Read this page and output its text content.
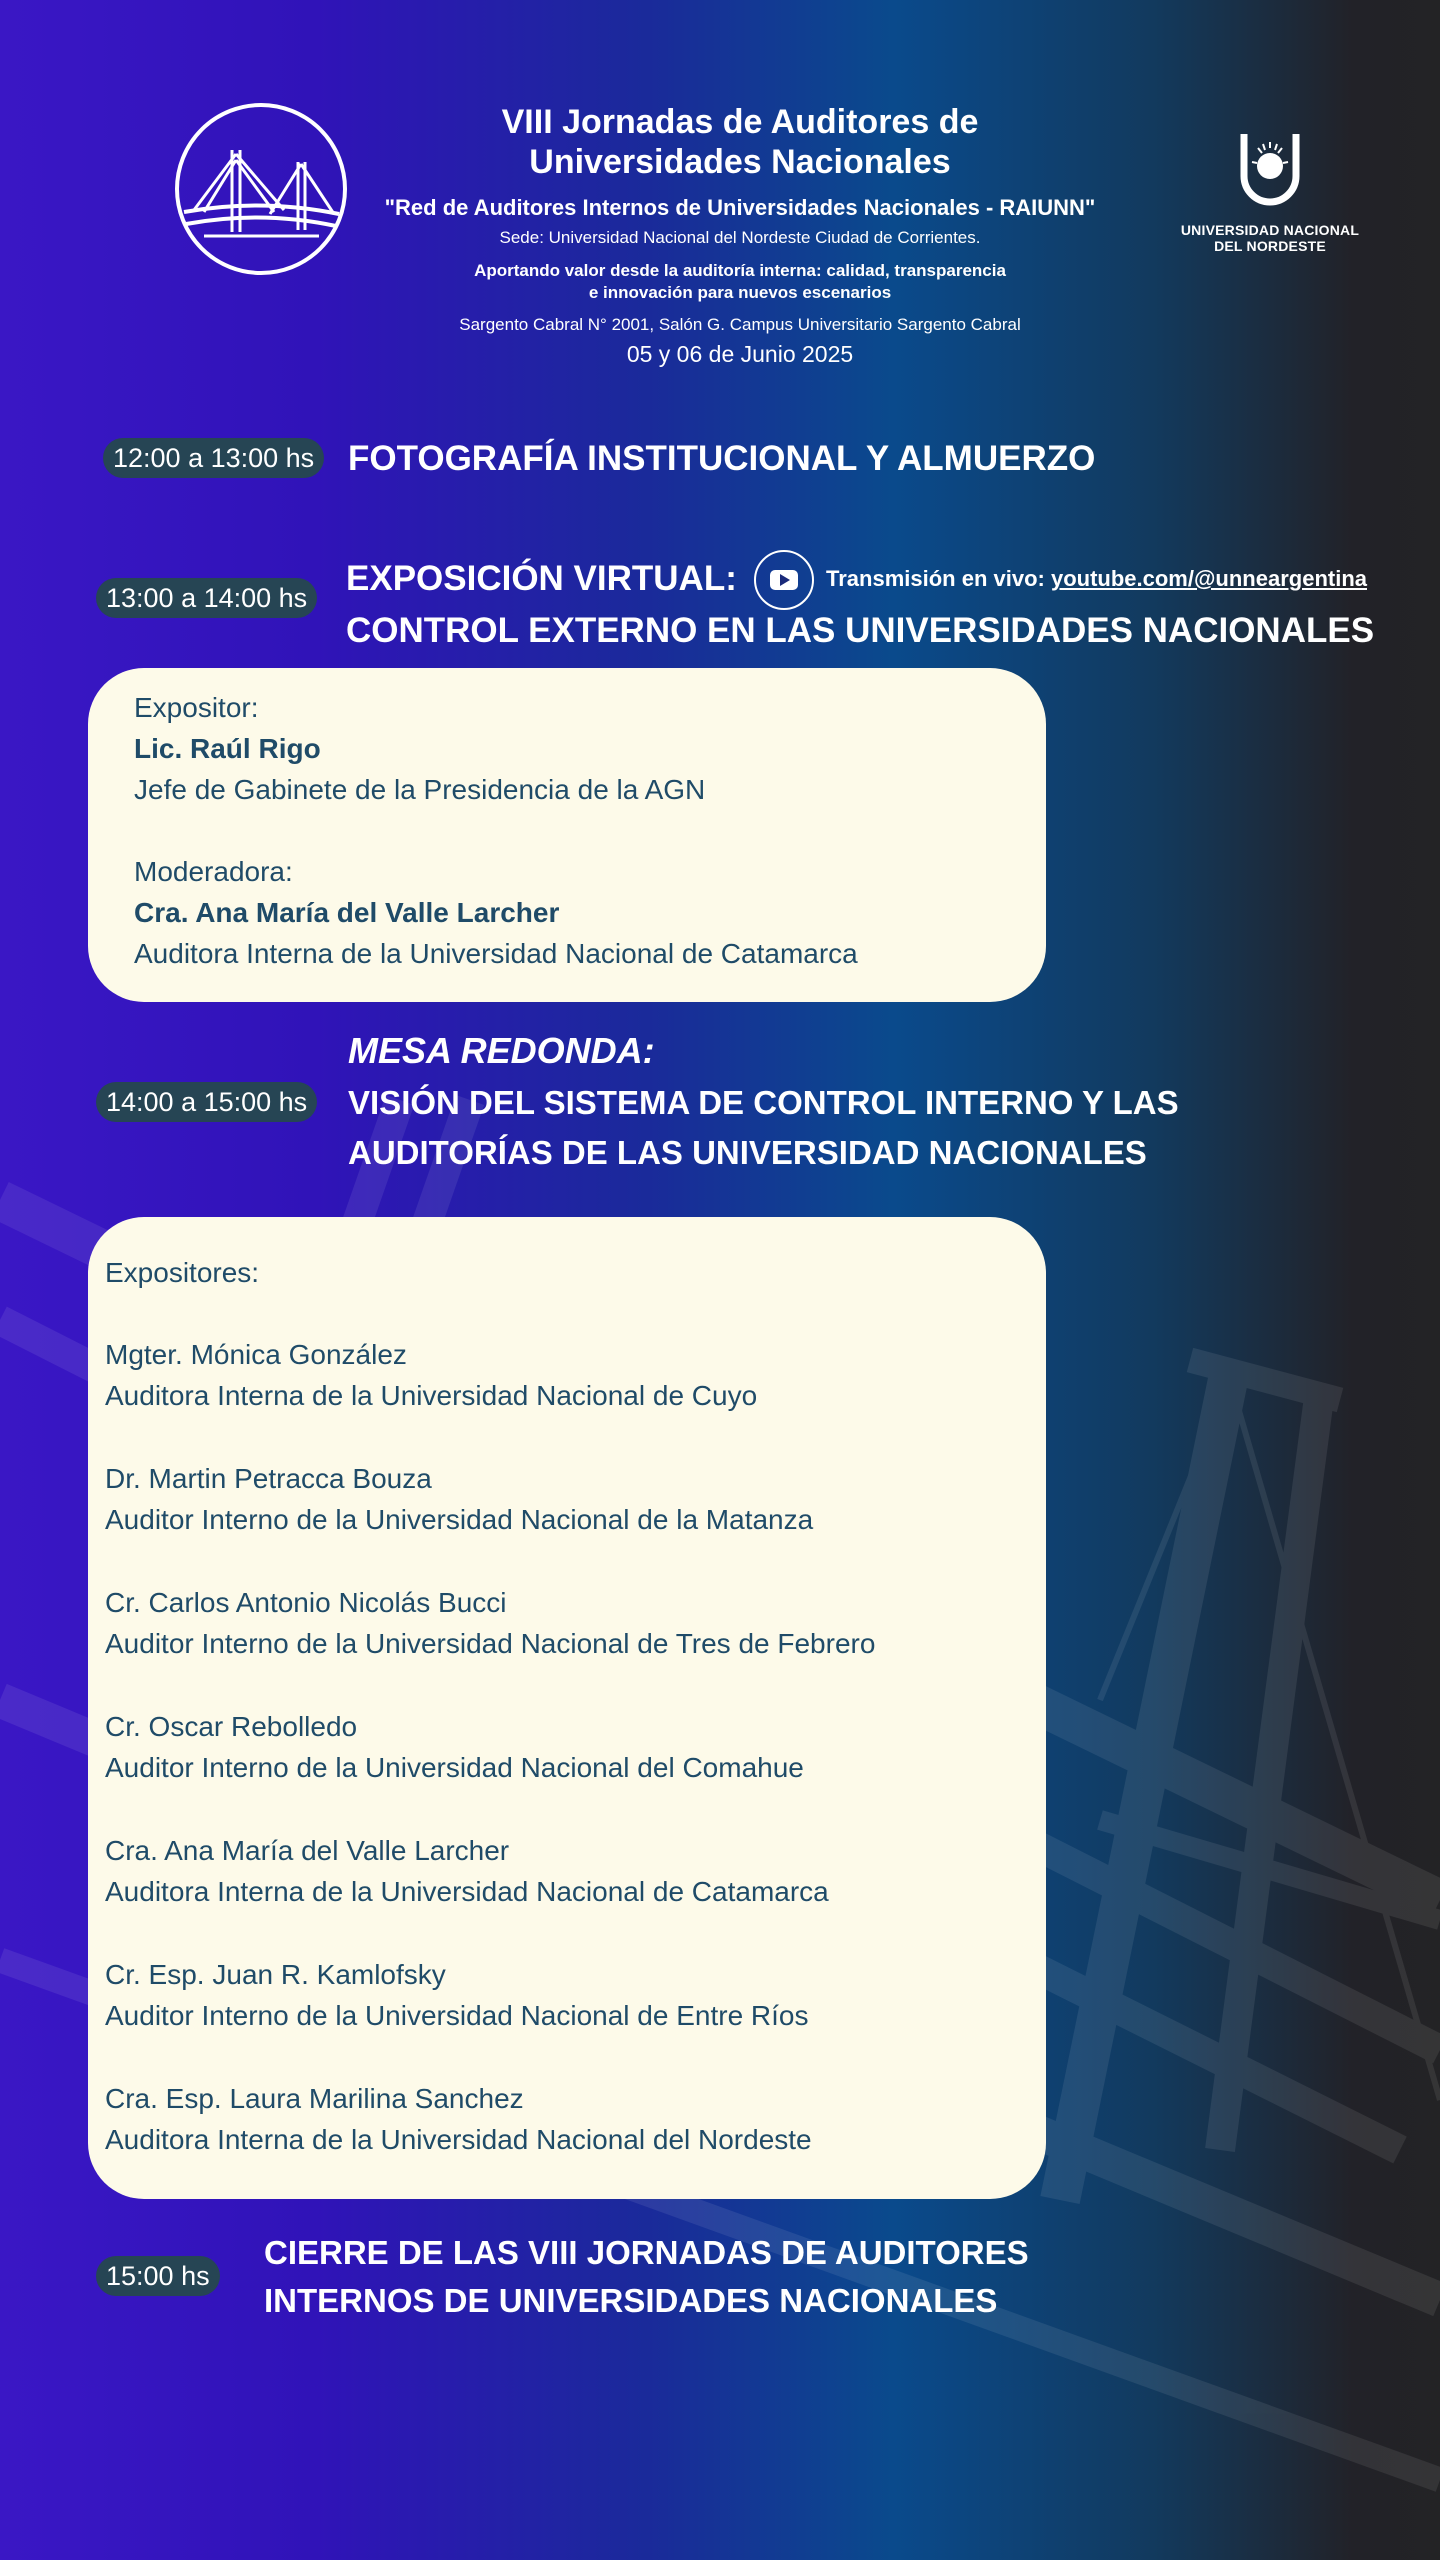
VIII Jornadas de Auditores de
Universidades Nacionales
"Red de Auditores Internos de Universidades Nacionales - RAIUNN"
Sede: Universidad Nacional del Nordeste Ciudad de Corrientes.
Aportando valor desde la auditoría interna: calidad, transparencia
e innovación para nuevos escenarios
Sargento Cabral N° 2001, Salón G. Campus Universitario Sargento Cabral
05 y 06 de Junio 2025
UNIVERSIDAD NACIONAL
DEL NORDESTE
12:00 a 13:00 hs FOTOGRAFÍA INSTITUCIONAL Y ALMUERZO
13:00 a 14:00 hs EXPOSICIÓN VIRTUAL:	Transmisión en vivo: youtube.com/@unneargentina
CONTROL EXTERNO EN LAS UNIVERSIDADES NACIONALES
Expositor:
Lic. Raúl Rigo
Jefe de Gabinete de la Presidencia de la AGN
Moderadora:
Cra. Ana María del Valle Larcher
Auditora Interna de la Universidad Nacional de Catamarca
MESA REDONDA:
14:00 a 15:00 hs	VISIÓN DEL SISTEMA DE CONTROL INTERNO Y LAS
AUDITORÍAS DE LAS UNIVERSIDAD NACIONALES
Expositores:
Mgter. Mónica González
Auditora Interna de la Universidad Nacional de Cuyo
Dr. Martin Petracca Bouza
Auditor Interno de la Universidad Nacional de la Matanza
Cr. Carlos Antonio Nicolás Bucci
Auditor Interno de la Universidad Nacional de Tres de Febrero
Cr. Oscar Rebolledo
Auditor Interno de la Universidad Nacional del Comahue
Cra. Ana María del Valle Larcher
Auditora Interna de la Universidad Nacional de Catamarca
Cr. Esp. Juan R. Kamlofsky
Auditor Interno de la Universidad Nacional de Entre Ríos
Cra. Esp. Laura Marilina Sanchez
Auditora Interna de la Universidad Nacional del Nordeste
15:00 hs
CIERRE DE LAS VIII JORNADAS DE AUDITORES
INTERNOS DE UNIVERSIDADES NACIONALES
